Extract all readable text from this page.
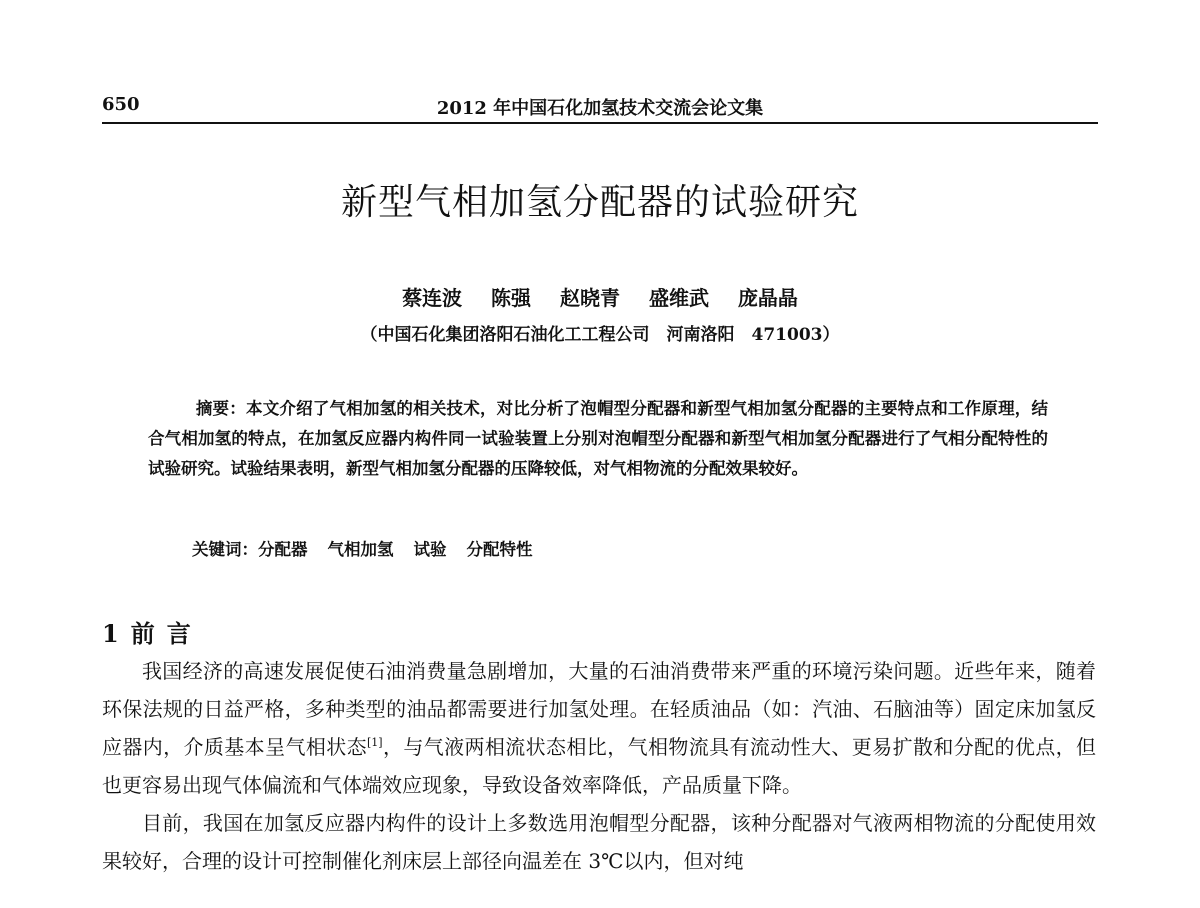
650	2012 年中国石化加氢技术交流会论文集
新型气相加氢分配器的试验研究
蔡连波 陈强 赵晓青 盛维武 庞晶晶
（中国石化集团洛阳石油化工工程公司　河南洛阳　471003）
摘要：本文介绍了气相加氢的相关技术，对比分析了泡帽型分配器和新型气相加氢分配器的主要特点和工作原理，结合气相加氢的特点，在加氢反应器内构件同一试验装置上分别对泡帽型分配器和新型气相加氢分配器进行了气相分配特性的试验研究。试验结果表明，新型气相加氢分配器的压降较低，对气相物流的分配效果较好。
关键词：分配器 气相加氢 试验 分配特性
1 前言

我国经济的高速发展促使石油消费量急剧增加，大量的石油消费带来严重的环境污染问题。近些年来，随着环保法规的日益严格，多种类型的油品都需要进行加氢处理。在轻质油品（如：汽油、石脑油等）固定床加氢反应器内，介质基本呈气相状态[1]，与气液两相流状态相比，气相物流具有流动性大、更易扩散和分配的优点，但也更容易出现气体偏流和气体端效应现象，导致设备效率降低，产品质量下降。

目前，我国在加氢反应器内构件的设计上多数选用泡帽型分配器，该种分配器对气液两相物流的分配使用效果较好，合理的设计可控制催化剂床层上部径向温差在 3℃以内，但对纯
